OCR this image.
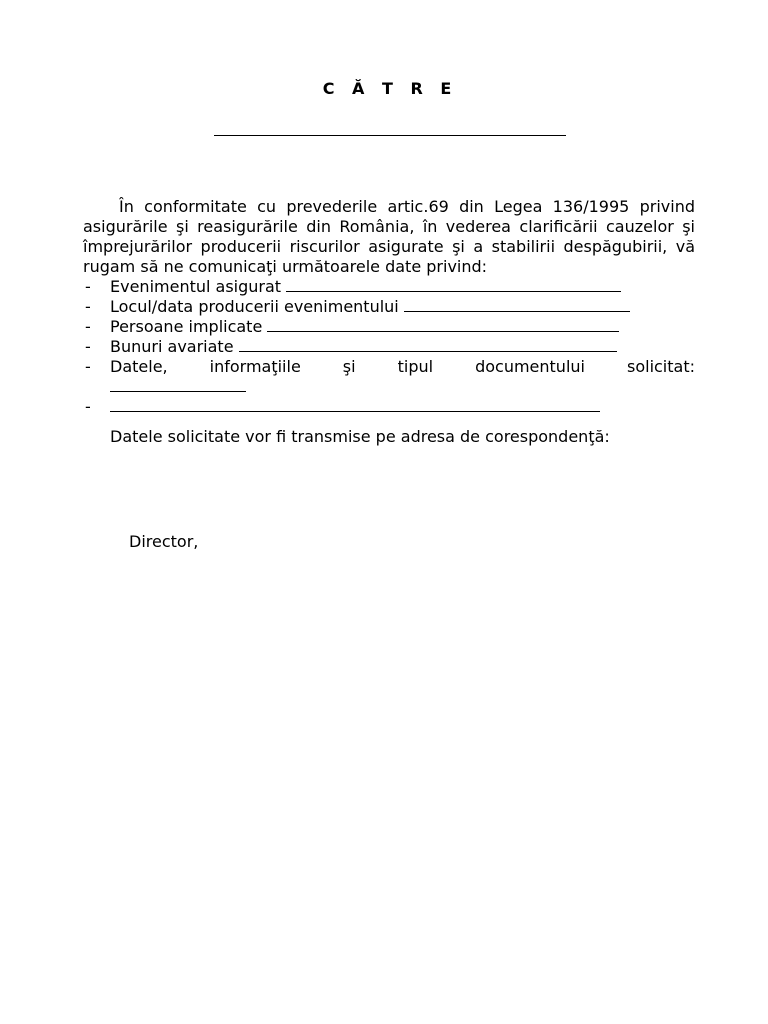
C Ă T R E

În conformitate cu prevederile artic.69 din Legea 136/1995 privind asigurările şi reasigurările din România, în vederea clarificării cauzelor şi împrejurărilor producerii riscurilor asigurate şi a stabilirii despăgubirii, vă rugam să ne comunicaţi următoarele date privind:

- Evenimentul asigurat
- Locul/data producerii evenimentului
- Persoane implicate
- Bunuri avariate
- Datele, informaţiile şi tipul documentului solicitat:
-
Datele solicitate vor fi transmise pe adresa de corespondenţă:
Director,
